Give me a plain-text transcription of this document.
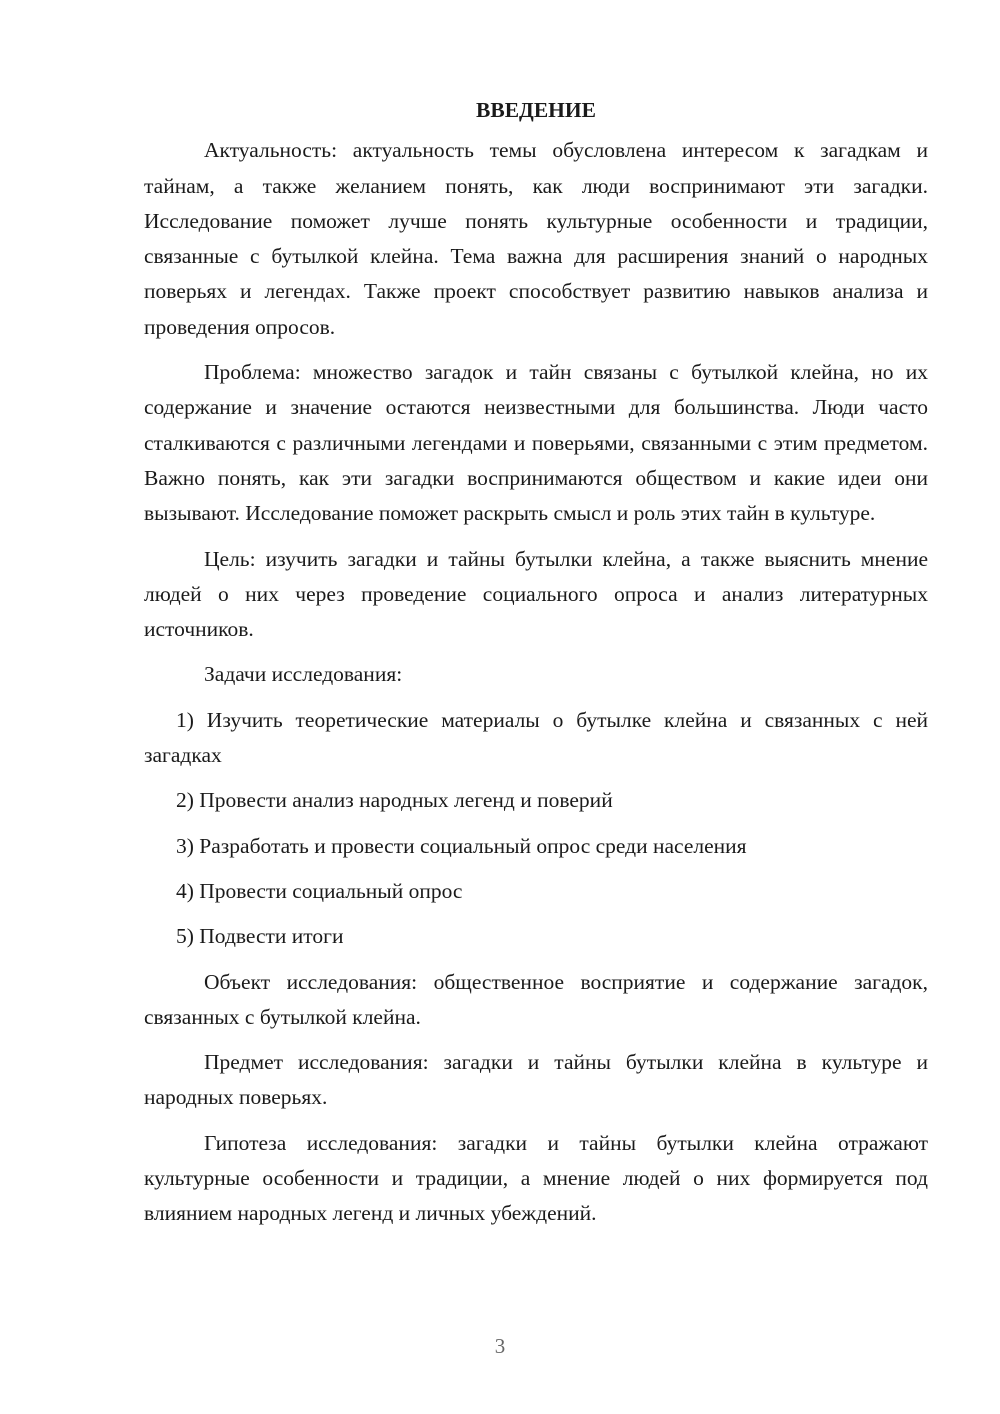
ВВЕДЕНИЕ

Актуальность: актуальность темы обусловлена интересом к загадкам и тайнам, а также желанием понять, как люди воспринимают эти загадки. Исследование поможет лучше понять культурные особенности и традиции, связанные с бутылкой клейна. Тема важна для расширения знаний о народных поверьях и легендах. Также проект способствует развитию навыков анализа и проведения опросов.

Проблема: множество загадок и тайн связаны с бутылкой клейна, но их содержание и значение остаются неизвестными для большинства. Люди часто сталкиваются с различными легендами и поверьями, связанными с этим предметом. Важно понять, как эти загадки воспринимаются обществом и какие идеи они вызывают. Исследование поможет раскрыть смысл и роль этих тайн в культуре.

Цель: изучить загадки и тайны бутылки клейна, а также выяснить мнение людей о них через проведение социального опроса и анализ литературных источников.

Задачи исследования:

1) Изучить теоретические материалы о бутылке клейна и связанных с ней загадках

2) Провести анализ народных легенд и поверий

3) Разработать и провести социальный опрос среди населения

4) Провести социальный опрос

5) Подвести итоги

Объект исследования: общественное восприятие и содержание загадок, связанных с бутылкой клейна.

Предмет исследования: загадки и тайны бутылки клейна в культуре и народных поверьях.

Гипотеза исследования: загадки и тайны бутылки клейна отражают культурные особенности и традиции, а мнение людей о них формируется под влиянием народных легенд и личных убеждений.

3
